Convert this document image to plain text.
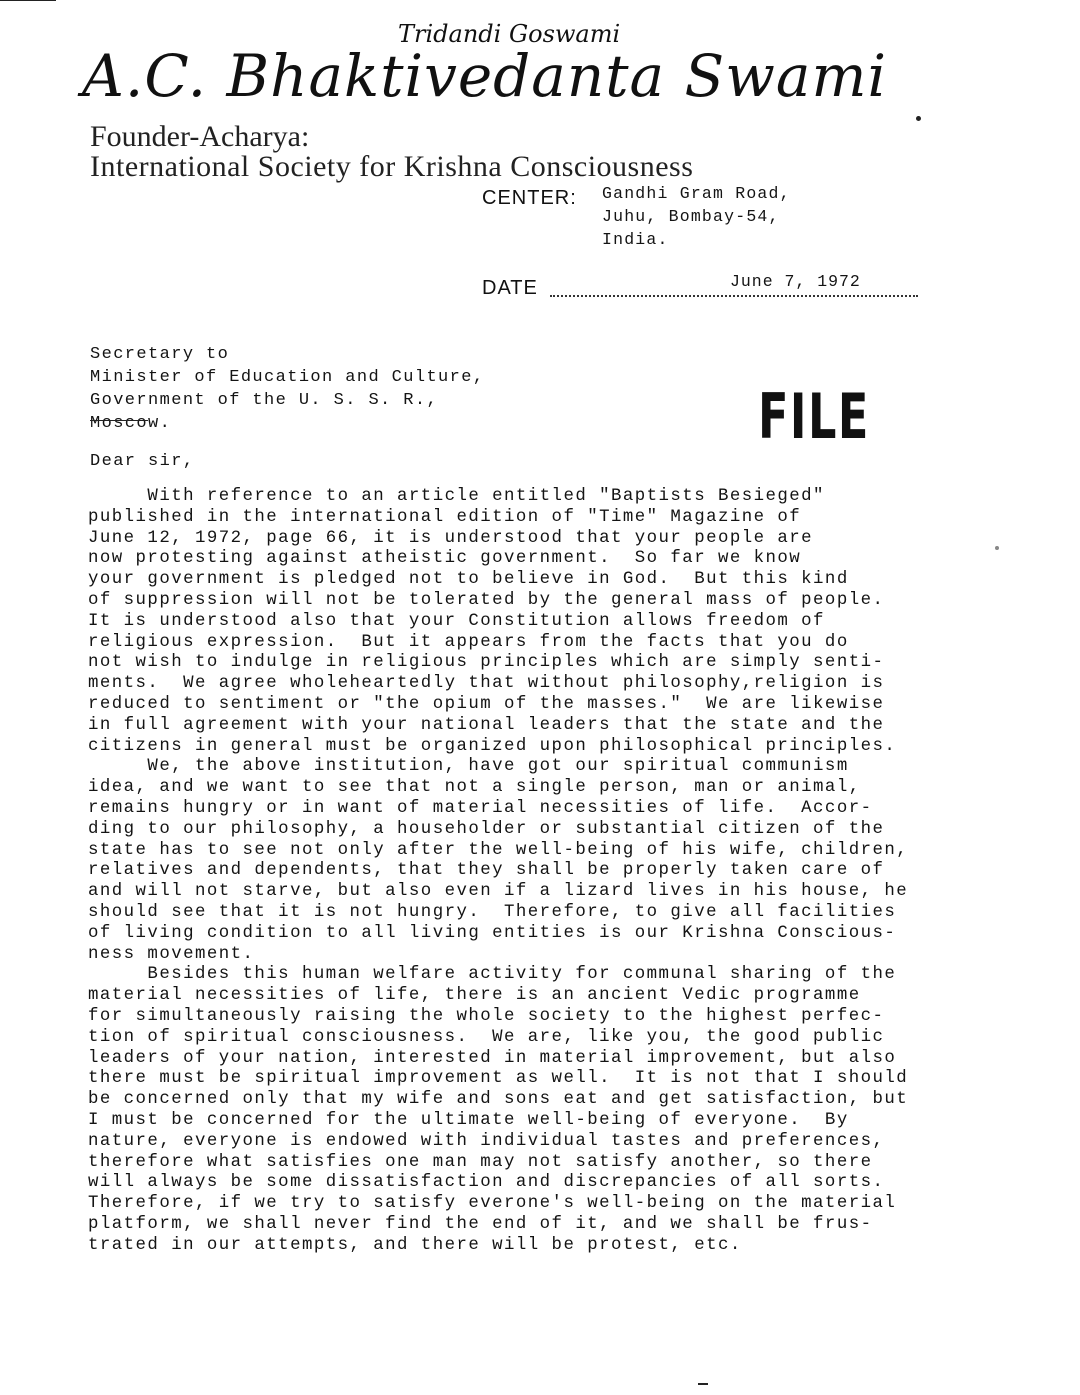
Tridandi Goswami
A.C. Bhaktivedanta Swami
Founder-Acharya:
International Society for Krishna Consciousness
CENTER: Gandhi Gram Road,
Juhu, Bombay-54,
India.
DATE	June 7, 1972
Secretary to
Minister of Education and Culture,
Government of the U. S. S. R.,
Moscow.	FILE
Dear sir,
With reference to an article entitled "Baptists Besieged"
published in the international edition of "Time" Magazine of
June 12, 1972, page 66, it is understood that your people are
now protesting against atheistic government.  So far we know
your government is pledged not to believe in God.  But this kind
of suppression will not be tolerated by the general mass of people.
It is understood also that your Constitution allows freedom of
religious expression.  But it appears from the facts that you do
not wish to indulge in religious principles which are simply senti-
ments.  We agree wholeheartedly that without philosophy,religion is
reduced to sentiment or "the opium of the masses."  We are likewise
in full agreement with your national leaders that the state and the
citizens in general must be organized upon philosophical principles.
We, the above institution, have got our spiritual communism
idea, and we want to see that not a single person, man or animal,
remains hungry or in want of material necessities of life.  Accor-
ding to our philosophy, a householder or substantial citizen of the
state has to see not only after the well-being of his wife, children,
relatives and dependents, that they shall be properly taken care of
and will not starve, but also even if a lizard lives in his house, he
should see that it is not hungry.  Therefore, to give all facilities
of living condition to all living entities is our Krishna Conscious-
ness movement.
Besides this human welfare activity for communal sharing of the
material necessities of life, there is an ancient Vedic programme
for simultaneously raising the whole society to the highest perfec-
tion of spiritual consciousness.  We are, like you, the good public
leaders of your nation, interested in material improvement, but also
there must be spiritual improvement as well.  It is not that I should
be concerned only that my wife and sons eat and get satisfaction, but
I must be concerned for the ultimate well-being of everyone.  By
nature, everyone is endowed with individual tastes and preferences,
therefore what satisfies one man may not satisfy another, so there
will always be some dissatisfaction and discrepancies of all sorts.
Therefore, if we try to satisfy everone's well-being on the material
platform, we shall never find the end of it, and we shall be frus-
trated in our attempts, and there will be protest, etc.
